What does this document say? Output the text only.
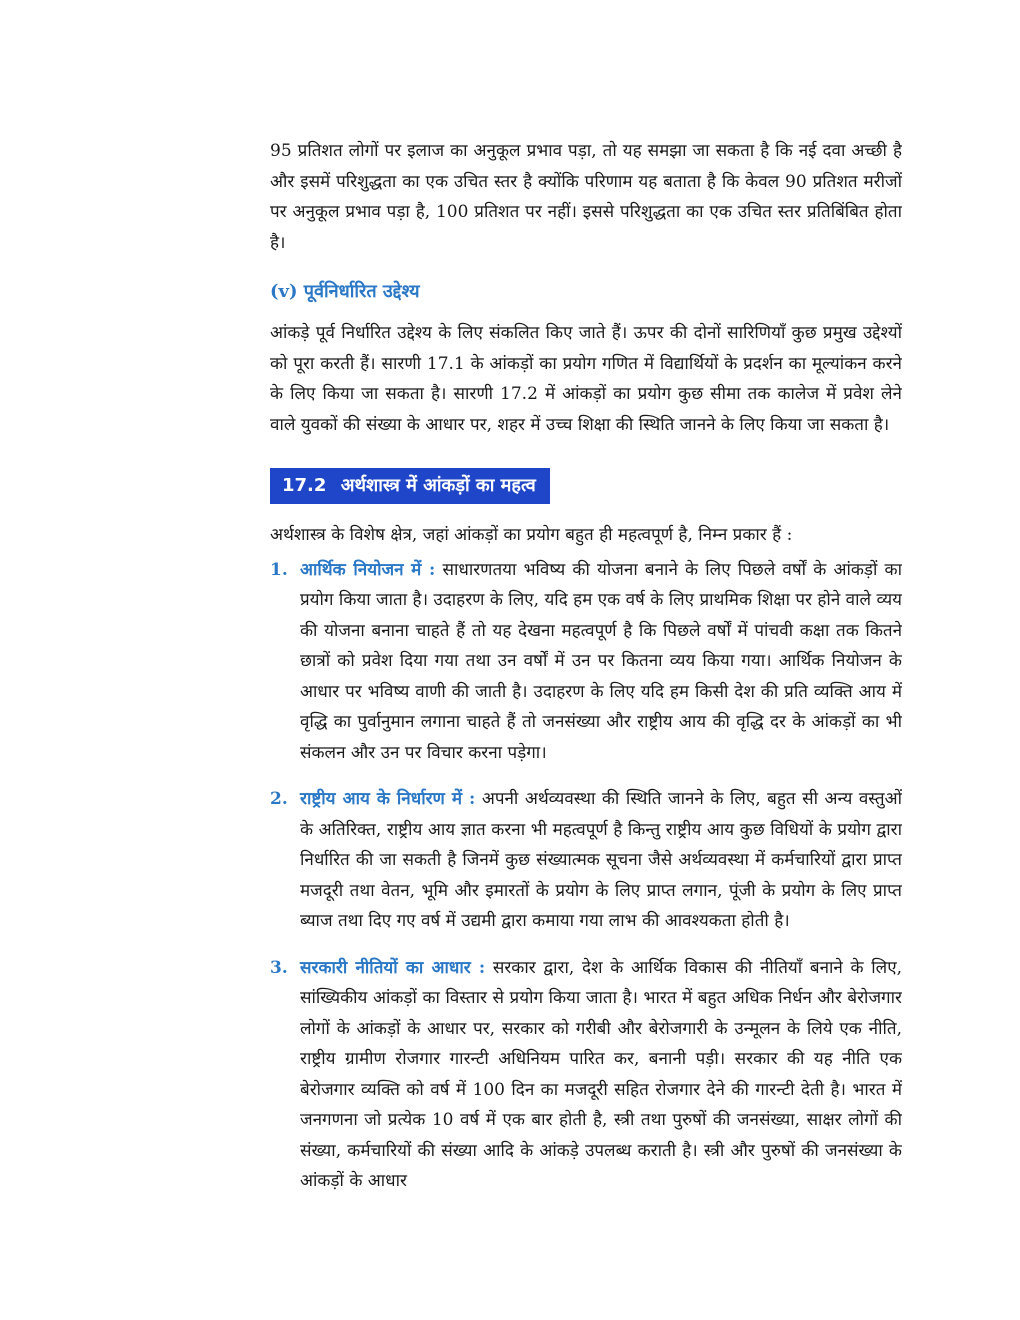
95 प्रतिशत लोगों पर इलाज का अनुकूल प्रभाव पड़ा, तो यह समझा जा सकता है कि नई दवा अच्छी है और इसमें परिशुद्धता का एक उचित स्तर है क्योंकि परिणाम यह बताता है कि केवल 90 प्रतिशत मरीजों पर अनुकूल प्रभाव पड़ा है, 100 प्रतिशत पर नहीं। इससे परिशुद्धता का एक उचित स्तर प्रतिबिंबित होता है।

(v) पूर्वनिर्धारित उद्देश्य

आंकड़े पूर्व निर्धारित उद्देश्य के लिए संकलित किए जाते हैं। ऊपर की दोनों सारिणियाँ कुछ प्रमुख उद्देश्यों को पूरा करती हैं। सारणी 17.1 के आंकड़ों का प्रयोग गणित में विद्यार्थियों के प्रदर्शन का मूल्यांकन करने के लिए किया जा सकता है। सारणी 17.2 में आंकड़ों का प्रयोग कुछ सीमा तक कालेज में प्रवेश लेने वाले युवकों की संख्या के आधार पर, शहर में उच्च शिक्षा की स्थिति जानने के लिए किया जा सकता है।

17.2 अर्थशास्त्र में आंकड़ों का महत्व

अर्थशास्त्र के विशेष क्षेत्र, जहां आंकड़ों का प्रयोग बहुत ही महत्वपूर्ण है, निम्न प्रकार हैं :

1. आर्थिक नियोजन में : साधारणतया भविष्य की योजना बनाने के लिए पिछले वर्षों के आंकड़ों का प्रयोग किया जाता है। उदाहरण के लिए, यदि हम एक वर्ष के लिए प्राथमिक शिक्षा पर होने वाले व्यय की योजना बनाना चाहते हैं तो यह देखना महत्वपूर्ण है कि पिछले वर्षों में पांचवी कक्षा तक कितने छात्रों को प्रवेश दिया गया तथा उन वर्षों में उन पर कितना व्यय किया गया। आर्थिक नियोजन के आधार पर भविष्य वाणी की जाती है। उदाहरण के लिए यदि हम किसी देश की प्रति व्यक्ति आय में वृद्धि का पुर्वानुमान लगाना चाहते हैं तो जनसंख्या और राष्ट्रीय आय की वृद्धि दर के आंकड़ों का भी संकलन और उन पर विचार करना पड़ेगा।

2. राष्ट्रीय आय के निर्धारण में : अपनी अर्थव्यवस्था की स्थिति जानने के लिए, बहुत सी अन्य वस्तुओं के अतिरिक्त, राष्ट्रीय आय ज्ञात करना भी महत्वपूर्ण है किन्तु राष्ट्रीय आय कुछ विधियों के प्रयोग द्वारा निर्धारित की जा सकती है जिनमें कुछ संख्यात्मक सूचना जैसे अर्थव्यवस्था में कर्मचारियों द्वारा प्राप्त मजदूरी तथा वेतन, भूमि और इमारतों के प्रयोग के लिए प्राप्त लगान, पूंजी के प्रयोग के लिए प्राप्त ब्याज तथा दिए गए वर्ष में उद्यमी द्वारा कमाया गया लाभ की आवश्यकता होती है।

3. सरकारी नीतियों का आधार : सरकार द्वारा, देश के आर्थिक विकास की नीतियाँ बनाने के लिए, सांख्यिकीय आंकड़ों का विस्तार से प्रयोग किया जाता है। भारत में बहुत अधिक निर्धन और बेरोजगार लोगों के आंकड़ों के आधार पर, सरकार को गरीबी और बेरोजगारी के उन्मूलन के लिये एक नीति, राष्ट्रीय ग्रामीण रोजगार गारन्टी अधिनियम पारित कर, बनानी पड़ी। सरकार की यह नीति एक बेरोजगार व्यक्ति को वर्ष में 100 दिन का मजदूरी सहित रोजगार देने की गारन्टी देती है। भारत में जनगणना जो प्रत्येक 10 वर्ष में एक बार होती है, स्त्री तथा पुरुषों की जनसंख्या, साक्षर लोगों की संख्या, कर्मचारियों की संख्या आदि के आंकड़े उपलब्ध कराती है। स्त्री और पुरुषों की जनसंख्या के आंकड़ों के आधार
